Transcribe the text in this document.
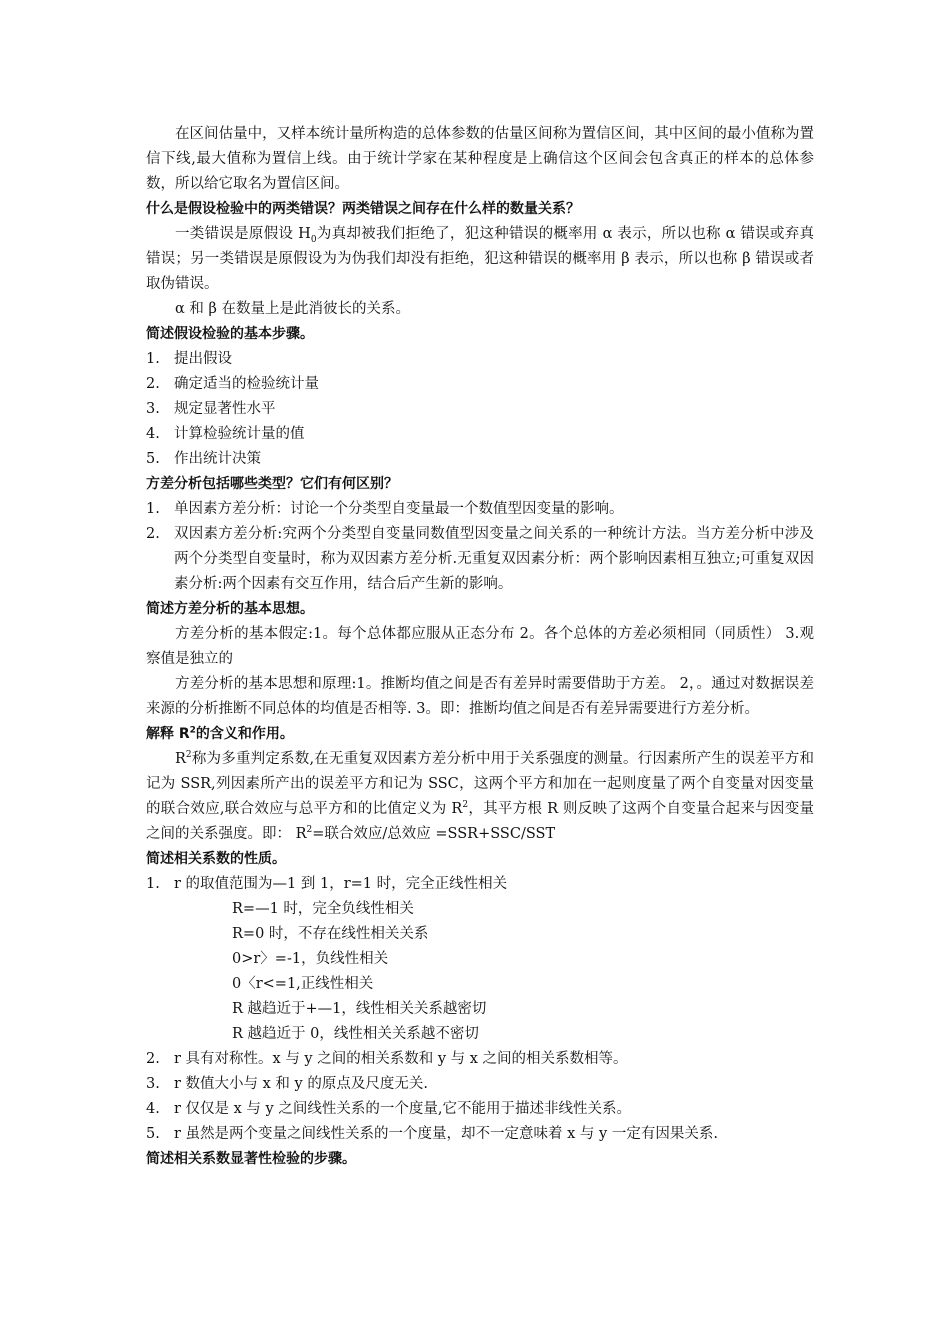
在区间估量中，又样本统计量所构造的总体参数的估量区间称为置信区间，其中区间的最小值称为置信下线,最大值称为置信上线。由于统计学家在某种程度是上确信这个区间会包含真正的样本的总体参数，所以给它取名为置信区间。

什么是假设检验中的两类错误？两类错误之间存在什么样的数量关系？

一类错误是原假设 $H_0$为真却被我们拒绝了，犯这种错误的概率用 α 表示，所以也称 α 错误或弃真错误；另一类错误是原假设为为伪我们却没有拒绝，犯这种错误的概率用 β 表示，所以也称 β 错误或者取伪错误。

α 和 β 在数量上是此消彼长的关系。

简述假设检验的基本步骤。

1. 提出假设
2. 确定适当的检验统计量
3. 规定显著性水平
4. 计算检验统计量的值
5. 作出统计决策

方差分析包括哪些类型？它们有何区别？

1. 单因素方差分析：讨论一个分类型自变量最一个数值型因变量的影响。
2. 双因素方差分析:究两个分类型自变量同数值型因变量之间关系的一种统计方法。当方差分析中涉及两个分类型自变量时，称为双因素方差分析.无重复双因素分析：两个影响因素相互独立;可重复双因素分析:两个因素有交互作用，结合后产生新的影响。

简述方差分析的基本思想。

方差分析的基本假定:1。每个总体都应服从正态分布 2。各个总体的方差必须相同（同质性） 3.观察值是独立的

方差分析的基本思想和原理:1。推断均值之间是否有差异时需要借助于方差。 2，。通过对数据误差来源的分析推断不同总体的均值是否相等. 3。即：推断均值之间是否有差异需要进行方差分析。

解释 $R^2$的含义和作用。

$R^2$称为多重判定系数,在无重复双因素方差分析中用于关系强度的测量。行因素所产生的误差平方和记为 SSR,列因素所产出的误差平方和记为 SSC，这两个平方和加在一起则度量了两个自变量对因变量的联合效应,联合效应与总平方和的比值定义为 $R^2$，其平方根 R 则反映了这两个自变量合起来与因变量之间的关系强度。即： $R^2=$联合效应/总效应 =SSR+SSC/SST

简述相关系数的性质。

1. r 的取值范围为—1 到 1，r=1 时，完全正线性相关

R=—1 时，完全负线性相关

R=0 时，不存在线性相关关系

0>r〉=-1，负线性相关

0〈r<=1,正线性相关

R 越趋近于+—1，线性相关关系越密切

R 越趋近于 0，线性相关关系越不密切

2. r 具有对称性。x 与 y 之间的相关系数和 y 与 x 之间的相关系数相等。
3. r 数值大小与 x 和 y 的原点及尺度无关.
4. r 仅仅是 x 与 y 之间线性关系的一个度量,它不能用于描述非线性关系。
5. r 虽然是两个变量之间线性关系的一个度量，却不一定意味着 x 与 y 一定有因果关系.

简述相关系数显著性检验的步骤。
